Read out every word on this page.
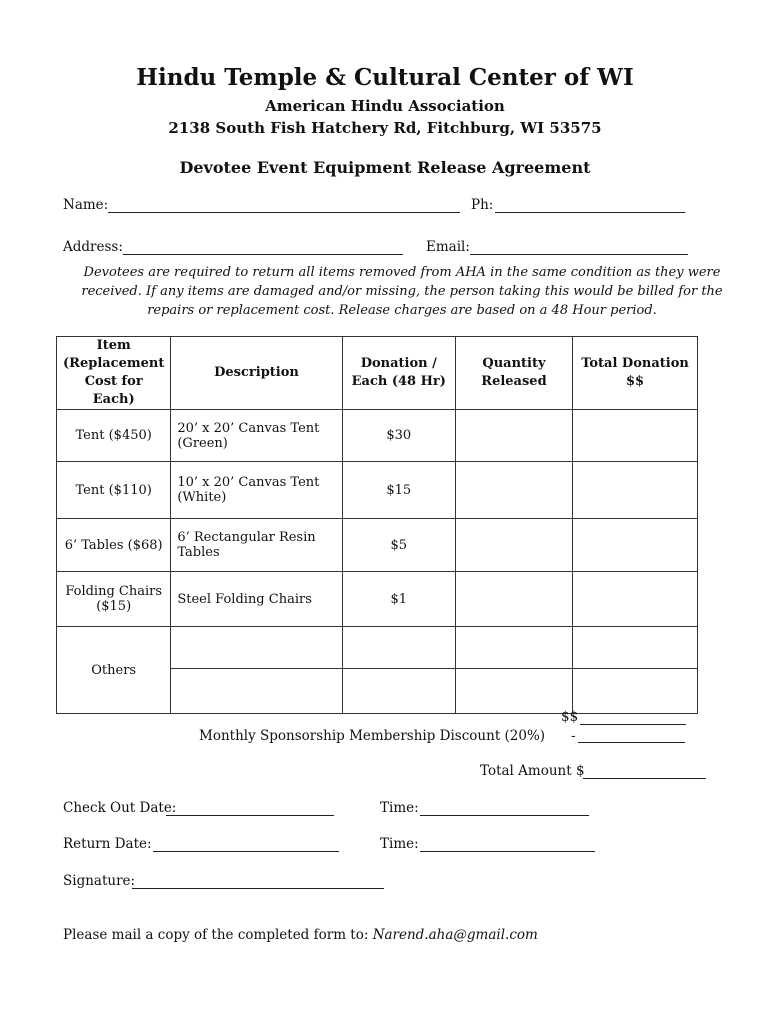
Hindu Temple & Cultural Center of WI
American Hindu Association
2138 South Fish Hatchery Rd, Fitchburg, WI 53575
Devotee Event Equipment Release Agreement
Name:	Ph:
Address:	Email:
Devotees are required to return all items removed from AHA in the same condition as they were received. If any items are damaged and/or missing, the person taking this would be billed for the repairs or replacement cost. Release charges are based on a 48 Hour period.
Item (Replacement Cost for Each)	Description	Donation / Each (48 Hr)	Quantity Released	Total Donation $$
Tent ($450)	20’ x 20’ Canvas Tent (Green)	$30		
Tent ($110)	10’ x 20’ Canvas Tent (White)	$15		
6’ Tables ($68)	6’ Rectangular Resin Tables	$5		
Folding Chairs ($15)	Steel Folding Chairs	$1		
Others				

$$
Monthly Sponsorship Membership Discount (20%) -
Total Amount $
Check Out Date:	Time:
Return Date:	Time:
Signature:
Please mail a copy of the completed form to: Narend.aha@gmail.com
